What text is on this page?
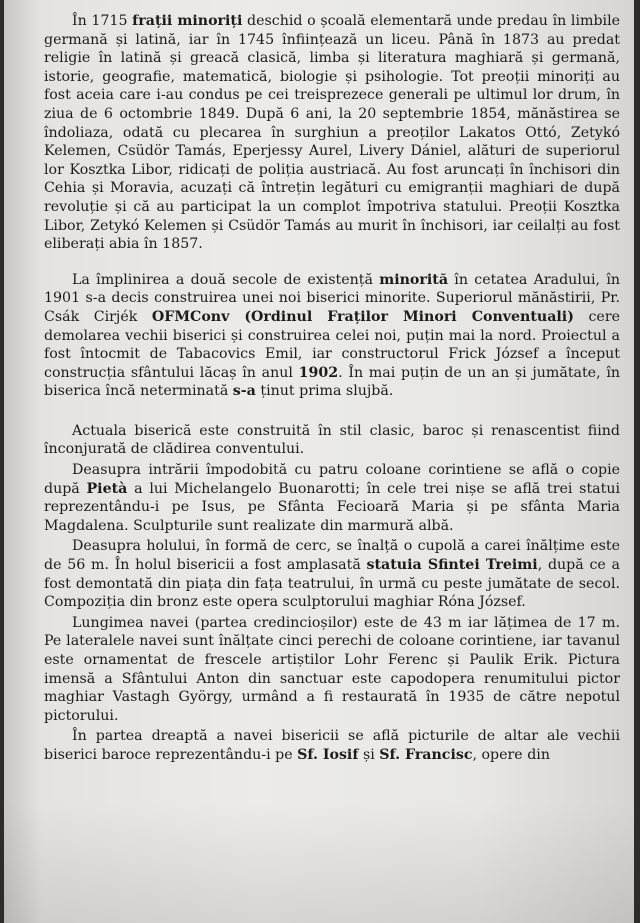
În 1715 frații minoriți deschid o școală elementară unde predau în limbile germană și latină, iar în 1745 înființează un liceu. Până în 1873 au predat religie în latină și greacă clasică, limba și literatura maghiară și germană, istorie, geografie, matematică, biologie și psihologie. Tot preoții minoriți au fost aceia care i-au condus pe cei treisprezece generali pe ultimul lor drum, în ziua de 6 octombrie 1849. După 6 ani, la 20 septembrie 1854, mănăstirea se îndoliaza, odată cu plecarea în surghiun a preoților Lakatos Ottó, Zetykó Kelemen, Csüdör Tamás, Eperjessy Aurel, Livery Dániel, alături de superiorul lor Kosztka Libor, ridicați de poliția austriacă. Au fost aruncați în închisori din Cehia și Moravia, acuzați că întrețin legături cu emigranții maghiari de după revoluție și că au participat la un complot împotriva statului. Preoții Kosztka Libor, Zetykó Kelemen și Csüdör Tamás au murit în închisori, iar ceilalți au fost eliberați abia în 1857.

La împlinirea a două secole de existență minorită în cetatea Aradului, în 1901 s-a decis construirea unei noi biserici minorite. Superiorul mănăstirii, Pr. Csák Cirjék OFMConv (Ordinul Fraților Minori Conventuali) cere demolarea vechii biserici și construirea celei noi, puțin mai la nord. Proiectul a fost întocmit de Tabacovics Emil, iar constructorul Frick József a început construcția sfântului lăcaș în anul 1902. În mai puțin de un an și jumătate, în biserica încă neterminată s-a ținut prima slujbă.

Actuala biserică este construită în stil clasic, baroc și renascentist fiind înconjurată de clădirea conventului.

Deasupra intrării împodobită cu patru coloane corintiene se află o copie după Pietà a lui Michelangelo Buonarotti; în cele trei nișe se află trei statui reprezentându-i pe Isus, pe Sfânta Fecioară Maria și pe sfânta Maria Magdalena. Sculpturile sunt realizate din marmură albă.

Deasupra holului, în formă de cerc, se înalță o cupolă a carei înălțime este de 56 m. În holul bisericii a fost amplasată statuia Sfintei Treimi, după ce a fost demontată din piața din fața teatrului, în urmă cu peste jumătate de secol. Compoziția din bronz este opera sculptorului maghiar Róna József.

Lungimea navei (partea credincioșilor) este de 43 m iar lățimea de 17 m. Pe lateralele navei sunt înălțate cinci perechi de coloane corintiene, iar tavanul este ornamentat de frescele artiștilor Lohr Ferenc și Paulik Erik. Pictura imensă a Sfântului Anton din sanctuar este capodopera renumitului pictor maghiar Vastagh György, urmând a fi restaurată în 1935 de către nepotul pictorului.

În partea dreaptă a navei bisericii se află picturile de altar ale vechii biserici baroce reprezentându-i pe Sf. Iosif și Sf. Francisc, opere din
